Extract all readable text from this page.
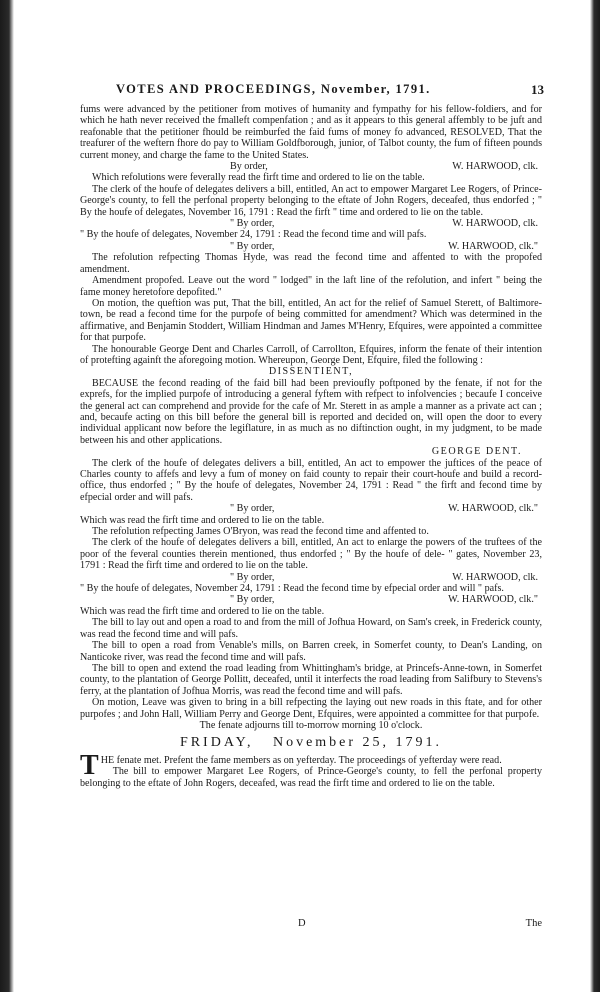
VOTES AND PROCEEDINGS, November, 1791.	13

fums were advanced by the petitioner from motives of humanity and fympathy for his fellow-foldiers, and for which he hath never received the fmalleft compenfation ; and as it appears to this general affembly to be juft and reafonable that the petitioner fhould be reimburfed the faid fums of money fo advanced, RESOLVED, That the treafurer of the weftern fhore do pay to William Goldfborough, junior, of Talbot county, the fum of fifteen pounds current money, and charge the fame to the United States.

By order,	W. HARWOOD, clk.

Which refolutions were feverally read the firft time and ordered to lie on the table.

The clerk of the houfe of delegates delivers a bill, entitled, An act to empower Margaret Lee Rogers, of Prince-George's county, to fell the perfonal property belonging to the eftate of John Rogers, deceafed, thus endorfed ; " By the houfe of delegates, November 16, 1791 : Read the firft " time and ordered to lie on the table.

" By order,	W. HARWOOD, clk.

" By the houfe of delegates, November 24, 1791 : Read the fecond time and will pafs.

" By order,	W. HARWOOD, clk."

The refolution refpecting Thomas Hyde, was read the fecond time and affented to with the propofed amendment.

Amendment propofed. Leave out the word " lodged" in the laft line of the refolution, and infert " being the fame money heretofore depofited."

On motion, the queftion was put, That the bill, entitled, An act for the relief of Samuel Sterett, of Baltimore-town, be read a fecond time for the purpofe of being committed for amendment? Which was determined in the affirmative, and Benjamin Stoddert, William Hindman and James M'Henry, Efquires, were appointed a committee for that purpofe.

The honourable George Dent and Charles Carroll, of Carrollton, Efquires, inform the fenate of their intention of protefting againft the aforegoing motion. Whereupon, George Dent, Efquire, filed the following :

DISSENTIENT,

BECAUSE the fecond reading of the faid bill had been previoufly poftponed by the fenate, if not for the exprefs, for the implied purpofe of introducing a general fyftem with refpect to infolvencies ; becaufe I conceive the general act can comprehend and provide for the cafe of Mr. Sterett in as ample a manner as a private act can ; and, becaufe acting on this bill before the general bill is reported and decided on, will open the door to every individual applicant now before the legiflature, in as much as no diftinction ought, in my judgment, to be made between his and other applications.

GEORGE DENT.

The clerk of the houfe of delegates delivers a bill, entitled, An act to empower the juftices of the peace of Charles county to affefs and levy a fum of money on faid county to repair their court-houfe and build a record-office, thus endorfed ; " By the houfe of delegates, November 24, 1791 : Read " the firft and fecond time by efpecial order and will pafs.

" By order,	W. HARWOOD, clk."

Which was read the firft time and ordered to lie on the table.

The refolution refpecting James O'Bryon, was read the fecond time and affented to.

The clerk of the houfe of delegates delivers a bill, entitled, An act to enlarge the powers of the truftees of the poor of the feveral counties therein mentioned, thus endorfed ; " By the houfe of dele- " gates, November 23, 1791 : Read the firft time and ordered to lie on the table.

" By order,	W. HARWOOD, clk.

" By the houfe of delegates, November 24, 1791 : Read the fecond time by efpecial order and will " pafs.

" By order,	W. HARWOOD, clk."

Which was read the firft time and ordered to lie on the table.

The bill to lay out and open a road to and from the mill of Jofhua Howard, on Sam's creek, in Frederick county, was read the fecond time and will pafs.

The bill to open a road from Venable's mills, on Barren creek, in Somerfet county, to Dean's Landing, on Nanticoke river, was read the fecond time and will pafs.

The bill to open and extend the road leading from Whittingham's bridge, at Princefs-Anne-town, in Somerfet county, to the plantation of George Pollitt, deceafed, until it interfects the road leading from Salifbury to Stevens's ferry, at the plantation of Jofhua Morris, was read the fecond time and will pafs.

On motion, Leave was given to bring in a bill refpecting the laying out new roads in this ftate, and for other purpofes ; and John Hall, William Perry and George Dent, Efquires, were appointed a committee for that purpofe.

The fenate adjourns till to-morrow morning 10 o'clock.

FRIDAY, November 25, 1791.

THE fenate met. Prefent the fame members as on yefterday. The proceedings of yefterday were read.

The bill to empower Margaret Lee Rogers, of Prince-George's county, to fell the perfonal property belonging to the eftate of John Rogers, deceafed, was read the firft time and ordered to lie on the table.

D	The
